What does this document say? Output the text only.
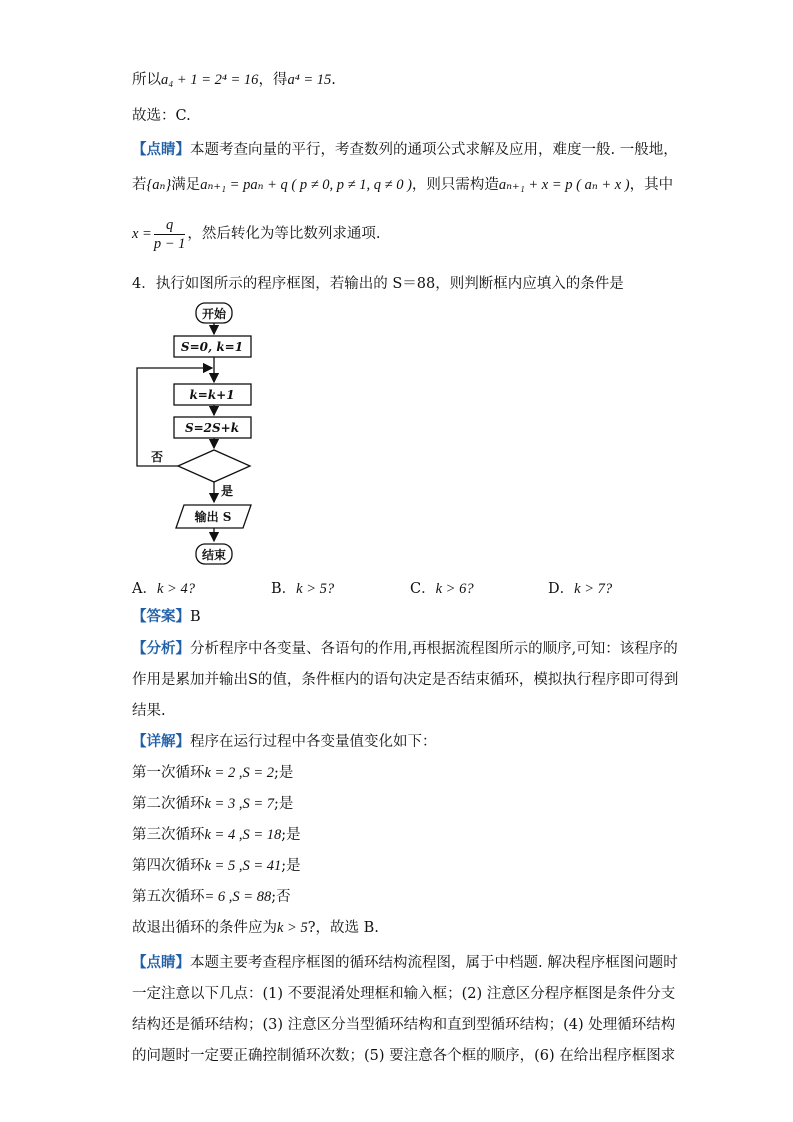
所以a₄ + 1 = 2⁴ = 16，得a⁴ = 15.
故选：C.
【点睛】本题考查向量的平行，考查数列的通项公式求解及应用，难度一般. 一般地，
若{aₙ}满足aₙ₊₁ = paₙ + q ( p ≠ 0, p ≠ 1, q ≠ 0 )，则只需构造aₙ₊₁ + x = p ( aₙ + x )，其中
$x = \frac{q}{p - 1}$ ，然后转化为等比数列求通项.
4．执行如图所示的程序框图，若输出的 S＝88，则判断框内应填入的条件是
开始
S=0, k=1
k=k+1
S=2S+k
否
是
输出 S
结束
A．k > 4?	B．k > 5?	C．k > 6?	D．k > 7?
【答案】B
【分析】分析程序中各变量、各语句的作用,再根据流程图所示的顺序,可知：该程序的
作用是累加并输出S的值，条件框内的语句决定是否结束循环，模拟执行程序即可得到
结果.
【详解】程序在运行过程中各变量值变化如下：
第一次循环k = 2 ,S = 2;是
第二次循环k = 3 ,S = 7;是
第三次循环k = 4 ,S = 18;是
第四次循环k = 5 ,S = 41;是
第五次循环= 6 ,S = 88;否
故退出循环的条件应为k > 5?，故选 B.
【点睛】本题主要考查程序框图的循环结构流程图，属于中档题. 解决程序框图问题时
一定注意以下几点：(1) 不要混淆处理框和输入框；(2) 注意区分程序框图是条件分支
结构还是循环结构；(3) 注意区分当型循环结构和直到型循环结构；(4) 处理循环结构
的问题时一定要正确控制循环次数；(5) 要注意各个框的顺序，(6) 在给出程序框图求
